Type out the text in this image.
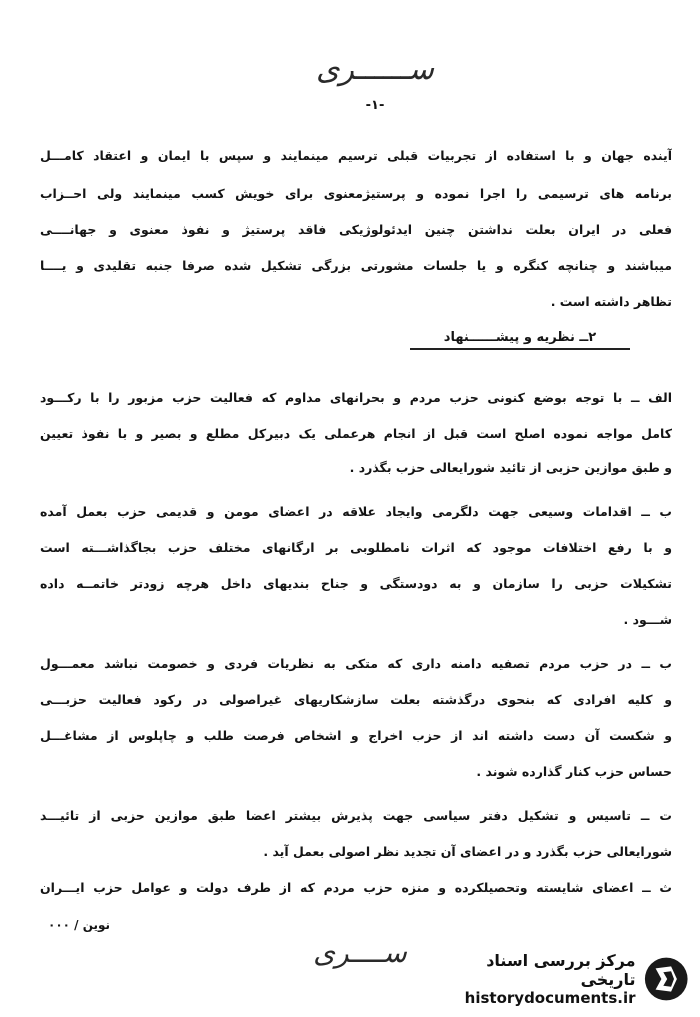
ســــــری
-۱-
آینده جهان و با استفاده از تجربیات قبلی ترسیم مینمایند و سپس با ایمان و اعتقاد کامـــل
برنامه های ترسیمی را اجرا نموده و پرستیژمعنوی برای خویش کسب مینمایند ولی احــزاب
فعلی در ایران بعلت نداشتن چنین ایدئولوژیکی فاقد پرستیژ و نفوذ معنوی و جهانــــی
میباشند و چنانچه کنگره و یا جلسات مشورتی بزرگی تشکیل شده صرفا جنبه تقلیدی و یــــا
تظاهر داشته است .
۲ــ نظریه و پیشــــــنهاد
الف ــ با توجه بوضع کنونی حزب مردم و بحرانهای مداوم که فعالیت حزب مزبور را با رکـــود
کامل مواجه نموده اصلح است قبل از انجام هرعملی یک دبیرکل مطلع و بصیر و با نفوذ تعیین
و طبق موازین حزبی از تائید شورایعالی حزب بگذرد .
ب ــ اقدامات وسیعی جهت دلگرمی وایجاد علاقه در اعضای مومن و قدیمی حزب بعمل آمده
و با رفع اختلافات موجود که اثرات نامطلوبی بر ارگانهای مختلف حزب بجاگذاشـــته است
تشکیلات حزبی را سازمان و به دودستگی و جناح بندیهای داخل هرچه زودتر خاتمــه داده
شـــود .
ب ــ در حزب مردم تصفیه دامنه داری که متکی به نظریات فردی و خصومت نباشد معمـــول
و کلیه افرادی که بنحوی درگذشته بعلت سازشکاریهای غیراصولی در رکود فعالیت حزبـــی
و شکست آن دست داشته اند از حزب اخراج و اشخاص فرصت طلب و چاپلوس از مشاغـــل
حساس حزب کنار گذارده شوند .
ت ــ تاسیس و تشکیل دفتر سیاسی جهت پذیرش بیشتر اعضا طبق موازین حزبی از تائیـــد
شورایعالی حزب بگذرد و در اعضای آن تجدید نظر اصولی بعمل آید .
ث ــ اعضای شایسته وتحصیلکرده و منزه حزب مردم که از طرف دولت و عوامل حزب ایـــران
نوین / ۰۰۰
ســــری	مرکز بررسی اسناد تاریخی
historydocuments.ir
